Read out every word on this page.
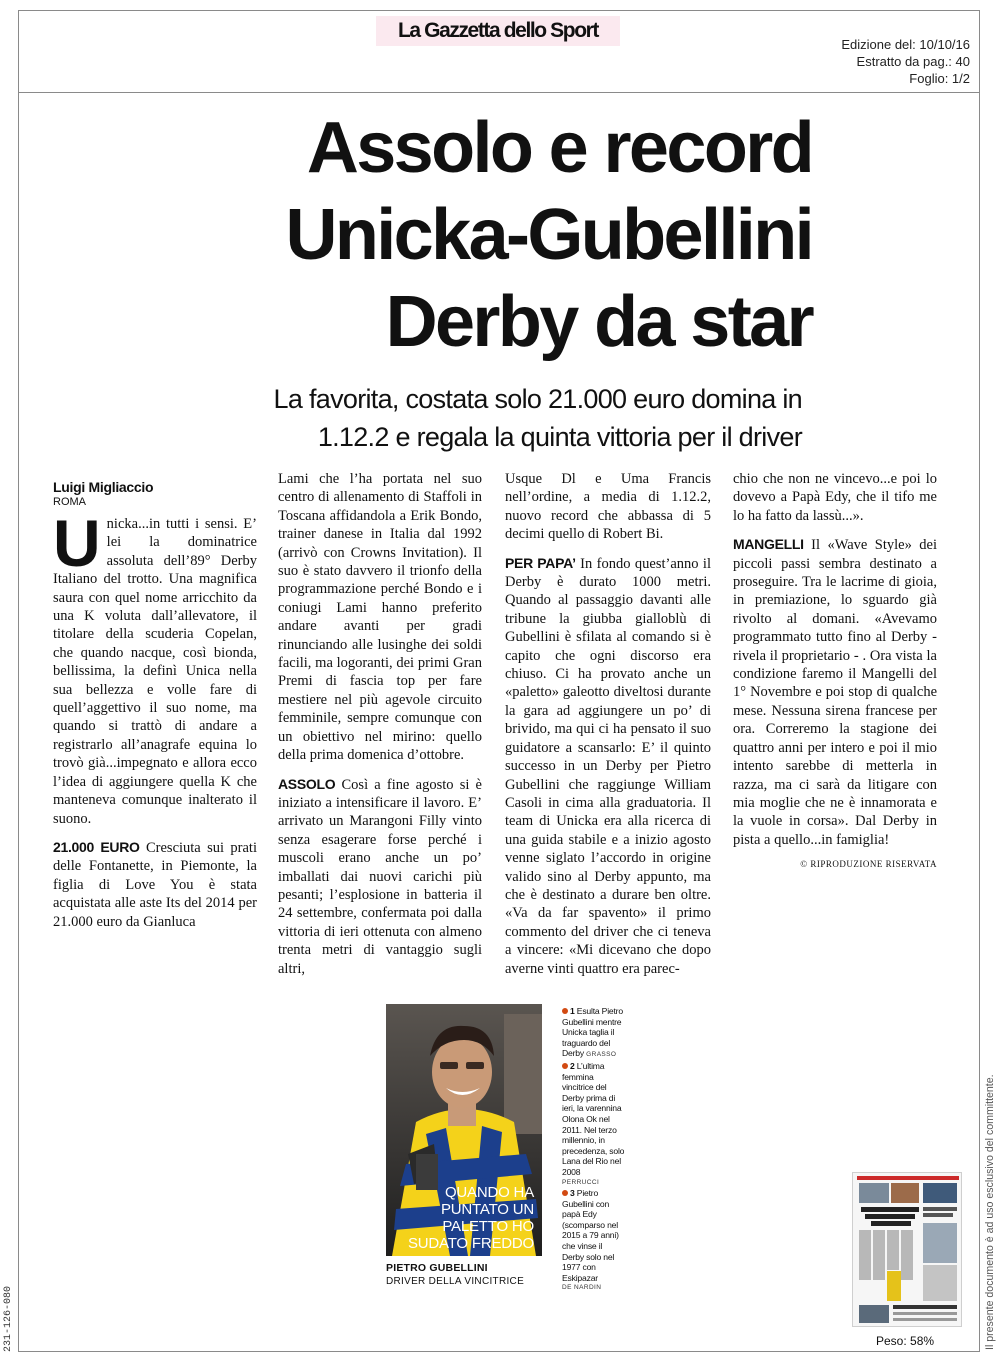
La Gazzetta dello Sport
Edizione del: 10/10/16
Estratto da pag.: 40
Foglio: 1/2
Assolo e record
Unicka-Gubellini
Derby da star
La favorita, costata solo 21.000 euro domina in
1.12.2 e regala la quinta vittoria per il driver
Luigi Migliaccio
ROMA

Unicka...in tutti i sensi. E’ lei la dominatrice assoluta dell’89° Derby Italiano del trotto. Una magnifica saura con quel nome arricchito da una K voluta dall’allevatore, il titolare della scuderia Copelan, che quando nacque, così bionda, bellissima, la definì Unica nella sua bellezza e volle fare di quell’aggettivo il suo nome, ma quando si trattò di andare a registrarlo all’anagrafe equina lo trovò già...impegnato e allora ecco l’idea di aggiungere quella K che manteneva comunque inalterato il suono.

21.000 EURO Cresciuta sui prati delle Fontanette, in Piemonte, la figlia di Love You è stata acquistata alle aste Its del 2014 per 21.000 euro da Gianluca

Lami che l’ha portata nel suo centro di allenamento di Staffoli in Toscana affidandola a Erik Bondo, trainer danese in Italia dal 1992 (arrivò con Crowns Invitation). Il suo è stato davvero il trionfo della programmazione perché Bondo e i coniugi Lami hanno preferito andare avanti per gradi rinunciando alle lusinghe dei soldi facili, ma logoranti, dei primi Gran Premi di fascia top per fare mestiere nel più agevole circuito femminile, sempre comunque con un obiettivo nel mirino: quello della prima domenica d’ottobre.

ASSOLO Così a fine agosto si è iniziato a intensificare il lavoro. E’ arrivato un Marangoni Filly vinto senza esagerare forse perché i muscoli erano anche un po’ imballati dai nuovi carichi più pesanti; l’esplosione in batteria il 24 settembre, confermata poi dalla vittoria di ieri ottenuta con almeno trenta metri di vantaggio sugli altri,

Usque Dl e Uma Francis nell’ordine, a media di 1.12.2, nuovo record che abbassa di 5 decimi quello di Robert Bi.

PER PAPA’ In fondo quest’anno il Derby è durato 1000 metri. Quando al passaggio davanti alle tribune la giubba gialloblù di Gubellini è sfilata al comando si è capito che ogni discorso era chiuso. Ci ha provato anche un «paletto» galeotto diveltosi durante la gara ad aggiungere un po’ di brivido, ma qui ci ha pensato il suo guidatore a scansarlo: E’ il quinto successo in un Derby per Pietro Gubellini che raggiunge William Casoli in cima alla graduatoria. Il team di Unicka era alla ricerca di una guida stabile e a inizio agosto venne siglato l’accordo in origine valido sino al Derby appunto, ma che è destinato a durare ben oltre. «Va da far spavento» il primo commento del driver che ci teneva a vincere: «Mi dicevano che dopo averne vinti quattro era parec-

chio che non ne vincevo...e poi lo dovevo a Papà Edy, che il tifo me lo ha fatto da lassù...».

MANGELLI Il «Wave Style» dei piccoli passi sembra destinato a proseguire. Tra le lacrime di gioia, in premiazione, lo sguardo già rivolto al domani. «Avevamo programmato tutto fino al Derby - rivela il proprietario - . Ora vista la condizione faremo il Mangelli del 1° Novembre e poi stop di qualche mese. Nessuna sirena francese per ora. Correremo la stagione dei quattro anni per intero e poi il mio intento sarebbe di metterla in razza, ma ci sarà da litigare con mia moglie che ne è innamorata e la vuole in corsa». Dal Derby in pista a quello...in famiglia!

© RIPRODUZIONE RISERVATA
QUANDO HA
PUNTATO UN
PALETTO HO
SUDATO FREDDO
PIETRO GUBELLINI
DRIVER DELLA VINCITRICE
1 Esulta Pietro Gubellini mentre Unicka taglia il traguardo del Derby GRASSO
2 L’ultima femmina vincitrice del Derby prima di ieri, la varennina Olona Ok nel 2011. Nel terzo millennio, in precedenza, solo Lana del Rio nel 2008
PERRUCCI
3 Pietro Gubellini con papà Edy (scomparso nel 2015 a 79 anni) che vinse il Derby solo nel 1977 con Eskipazar
DE NARDIN
Peso: 58%	Il presente documento è ad uso esclusivo del committente.
231-126-080
